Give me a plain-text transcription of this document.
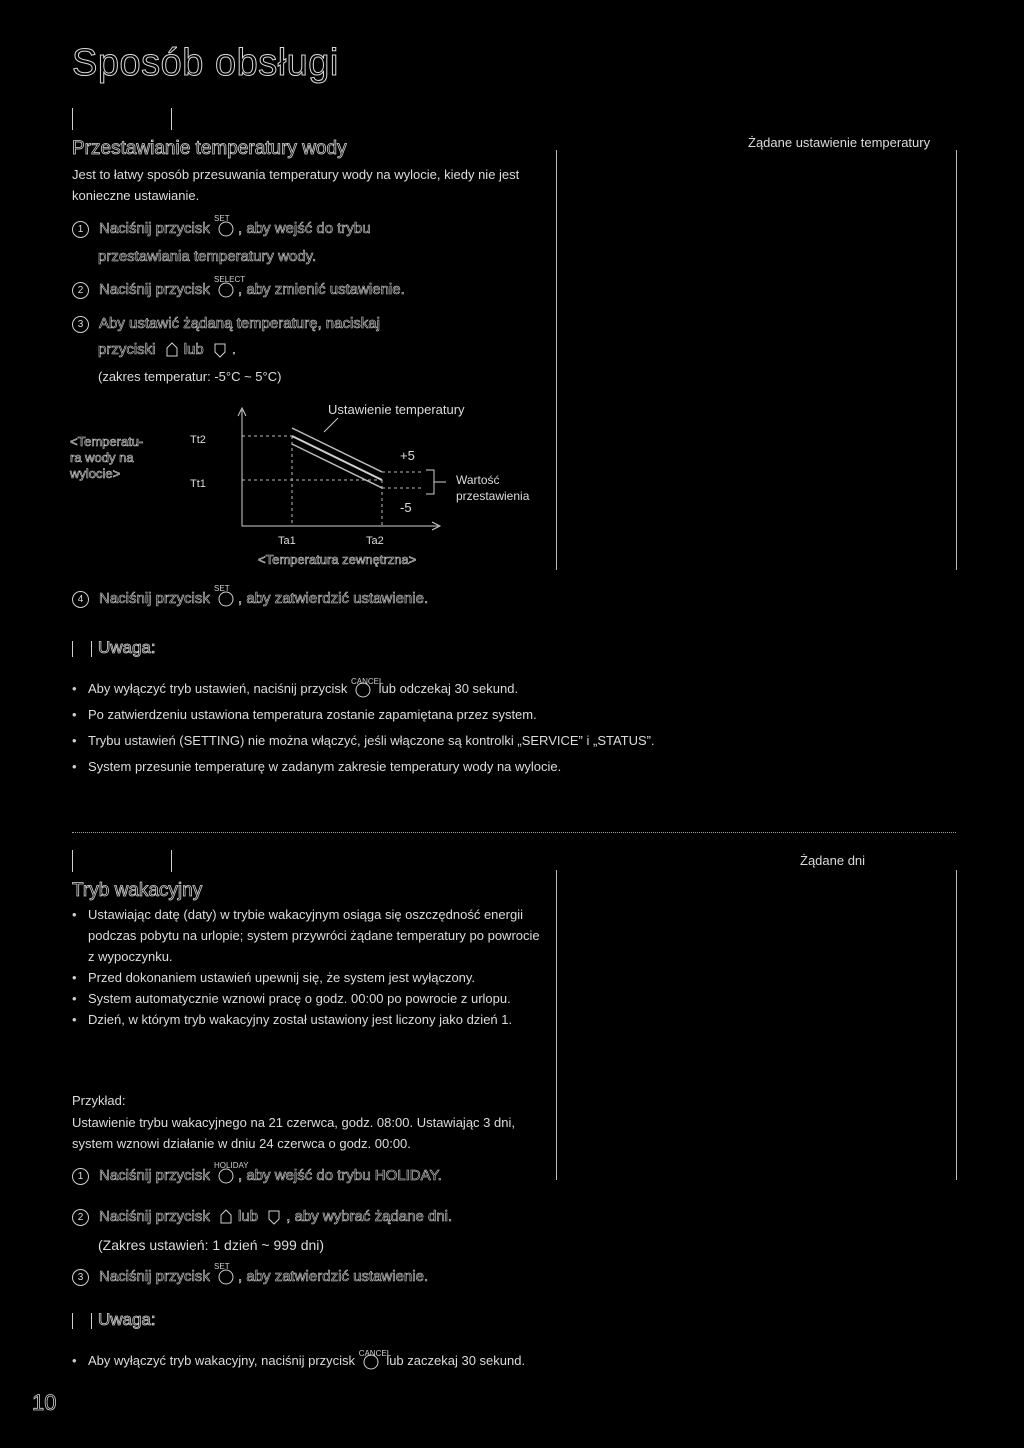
Sposób obsługi
Przestawianie temperatury wody
Jest to łatwy sposób przesuwania temperatury wody na wylocie, kiedy nie jest konieczne ustawianie.
Żądane ustawienie temperatury
1 Naciśnij przycisk
SET
, aby wejść do trybu
przestawiania temperatury wody.
2 Naciśnij przycisk
SELECT
, aby zmienić ustawienie.
3 Aby ustawić żądaną temperaturę, naciskaj
przyciski lub .
(zakres temperatur: -5°C ~ 5°C)
Ustawienie temperatury
<Temperatu-
ra wody na
wylocie>
Tt2
Tt1
+5
-5
Wartość
przestawienia
Ta1	Ta2
<Temperatura zewnętrzna>
4 Naciśnij przycisk
SET
, aby zatwierdzić ustawienie.
Uwaga:
• Aby wyłączyć tryb ustawień, naciśnij przycisk CANCEL
lub odczekaj 30 sekund.
• Po zatwierdzeniu ustawiona temperatura zostanie zapamiętana przez system.
• Trybu ustawień (SETTING) nie można włączyć, jeśli włączone są kontrolki „SERVICE” i „STATUS”.
• System przesunie temperaturę w zadanym zakresie temperatury wody na wylocie.
Tryb wakacyjny
Żądane dni
• Ustawiając datę (daty) w trybie wakacyjnym osiąga się oszczędność energii podczas pobytu na urlopie; system przywróci żądane temperatury po powrocie z wypoczynku.
• Przed dokonaniem ustawień upewnij się, że system jest wyłączony.
• System automatycznie wznowi pracę o godz. 00:00 po powrocie z urlopu.
• Dzień, w którym tryb wakacyjny został ustawiony jest liczony jako dzień 1.
Przykład:
Ustawienie trybu wakacyjnego na 21 czerwca, godz. 08:00. Ustawiając 3 dni, system wznowi działanie w dniu 24 czerwca o godz. 00:00.
1 Naciśnij przycisk
HOLIDAY
, aby wejść do trybu HOLIDAY.
2 Naciśnij przycisk lub , aby wybrać żądane dni.
(Zakres ustawień: 1 dzień ~ 999 dni)
3 Naciśnij przycisk
SET
, aby zatwierdzić ustawienie.
Uwaga:
• Aby wyłączyć tryb wakacyjny, naciśnij przycisk CANCEL
lub zaczekaj 30 sekund.
10
